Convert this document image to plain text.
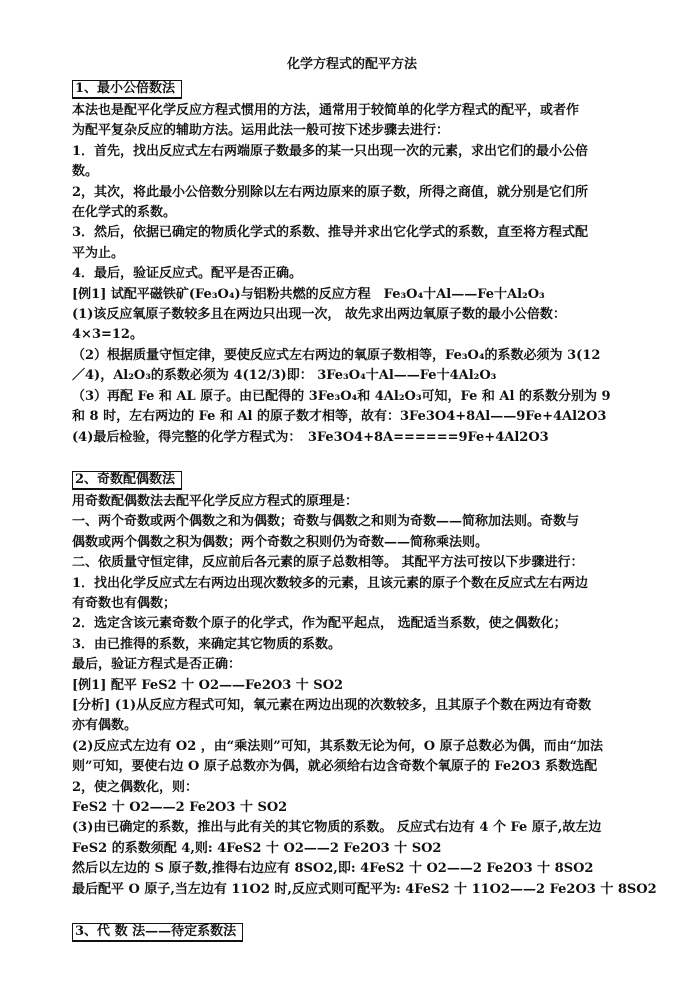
化学方程式的配平方法
1、最小公倍数法
本法也是配平化学反应方程式惯用的方法，通常用于较简单的化学方程式的配平，或者作
为配平复杂反应的辅助方法。运用此法一般可按下述步骤去进行：
1．首先，找出反应式左右两端原子数最多的某一只出现一次的元素，求出它们的最小公倍
数。
2，其次，将此最小公倍数分别除以左右两边原来的原子数，所得之商值，就分别是它们所
在化学式的系数。
3．然后，依据已确定的物质化学式的系数、推导并求出它化学式的系数，直至将方程式配
平为止。
4．最后，验证反应式。配平是否正确。
[例1] 试配平磁铁矿(Fe₃O₄)与铝粉共燃的反应方程　Fe₃O₄十Al——Fe十Al₂O₃
(1)该反应氧原子数较多且在两边只出现一次， 故先求出两边氧原子数的最小公倍数：
4×3=12。
（2）根据质量守恒定律，要使反应式左右两边的氧原子数相等，Fe₃O₄的系数必须为 3(12
／4)，Al₂O₃的系数必须为 4(12/3)即： 3Fe₃O₄十Al——Fe十4Al₂O₃
（3）再配 Fe 和 AL 原子。由已配得的 3Fe₃O₄和 4Al₂O₃可知，Fe 和 Al 的系数分别为 9
和 8 时，左右两边的 Fe 和 Al 的原子数才相等，故有：3Fe3O4+8Al——9Fe+4Al2O3
(4)最后检验，得完整的化学方程式为：　3Fe3O4+8A======9Fe+4Al2O3
2、奇数配偶数法
用奇数配偶数法去配平化学反应方程式的原理是：
一、两个奇数或两个偶数之和为偶数；奇数与偶数之和则为奇数——简称加法则。奇数与
偶数或两个偶数之积为偶数；两个奇数之积则仍为奇数——简称乘法则。
二、依质量守恒定律，反应前后各元素的原子总数相等。 其配平方法可按以下步骤进行：
1．找出化学反应式左右两边出现次数较多的元素，且该元素的原子个数在反应式左右两边
有奇数也有偶数；
2．选定含该元素奇数个原子的化学式，作为配平起点， 选配适当系数，使之偶数化；
3．由已推得的系数，来确定其它物质的系数。
最后，验证方程式是否正确：
[例1] 配平 FeS2 十 O2——Fe2O3 十 SO2
[分析] (1)从反应方程式可知，氧元素在两边出现的次数较多，且其原子个数在两边有奇数
亦有偶数。
(2)反应式左边有 O2 ，由“乘法则”可知，其系数无论为何，O 原子总数必为偶，而由“加法
则”可知，要使右边 O 原子总数亦为偶，就必须给右边含奇数个氧原子的 Fe2O3 系数选配
2，使之偶数化，则：
FeS2 十 O2——2 Fe2O3 十 SO2
(3)由已确定的系数，推出与此有关的其它物质的系数。 反应式右边有 4 个 Fe 原子,故左边
FeS2 的系数须配 4,则: 4FeS2 十 O2——2 Fe2O3 十 SO2
然后以左边的 S 原子数,推得右边应有 8SO2,即: 4FeS2 十 O2——2 Fe2O3 十 8SO2
最后配平 O 原子,当左边有 11O2 时,反应式则可配平为: 4FeS2 十 11O2——2 Fe2O3 十 8SO2
3、代 数 法——待定系数法
